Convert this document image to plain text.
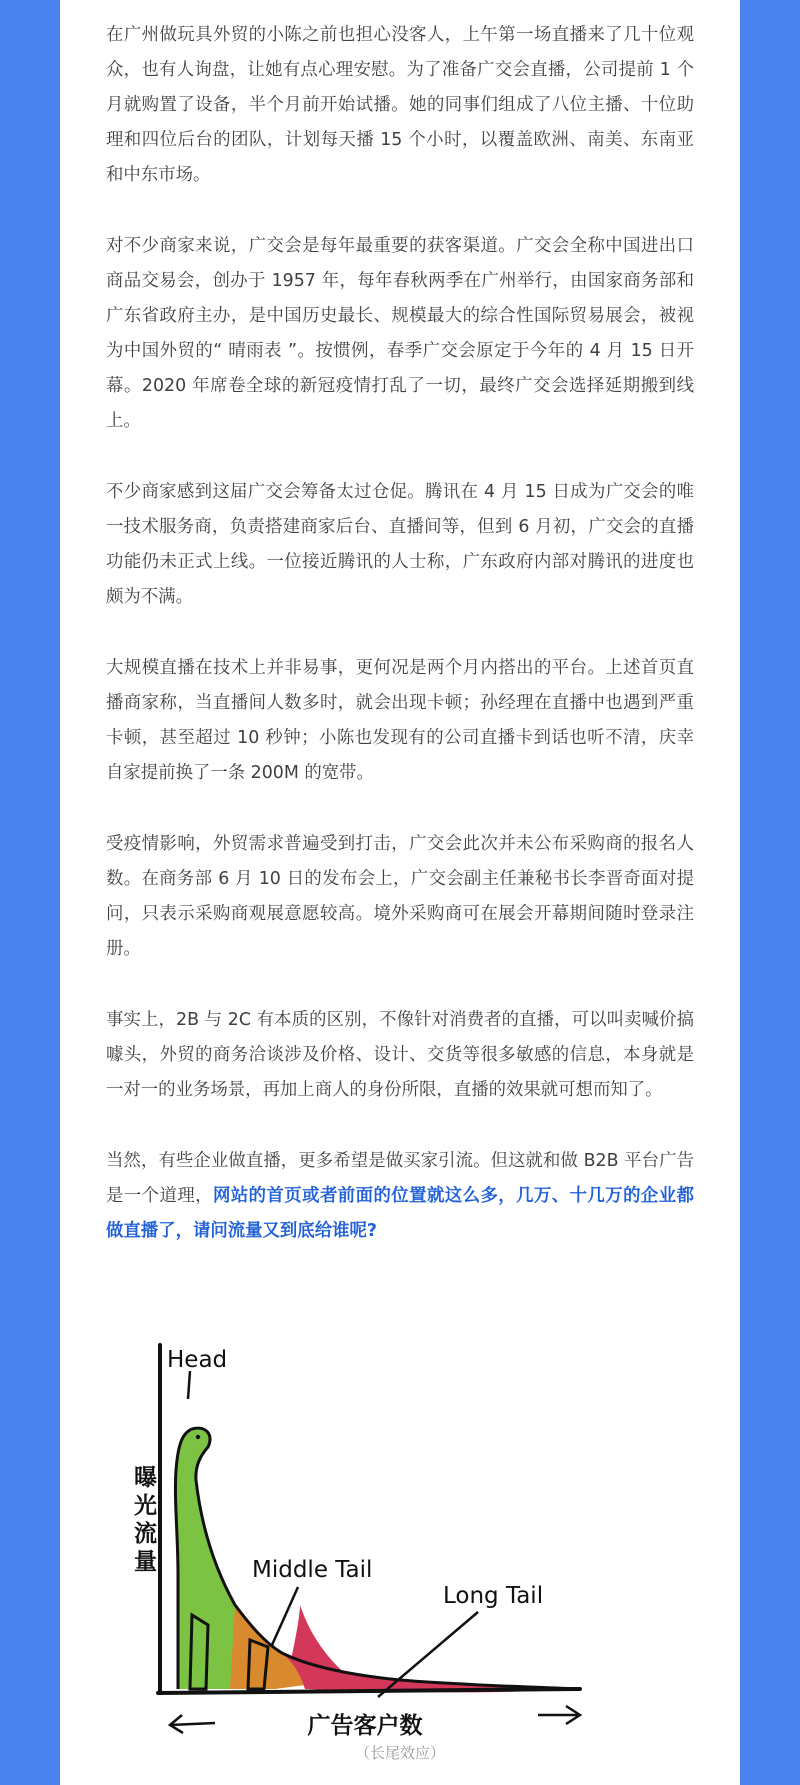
在广州做玩具外贸的小陈之前也担心没客人，上午第一场直播来了几十位观众，也有人询盘，让她有点心理安慰。为了准备广交会直播，公司提前 1 个月就购置了设备，半个月前开始试播。她的同事们组成了八位主播、十位助理和四位后台的团队，计划每天播 15 个小时，以覆盖欧洲、南美、东南亚和中东市场。

对不少商家来说，广交会是每年最重要的获客渠道。广交会全称中国进出口商品交易会，创办于 1957 年，每年春秋两季在广州举行，由国家商务部和广东省政府主办，是中国历史最长、规模最大的综合性国际贸易展会，被视为中国外贸的“ 晴雨表 ”。按惯例，春季广交会原定于今年的 4 月 15 日开幕。2020 年席卷全球的新冠疫情打乱了一切，最终广交会选择延期搬到线上。

不少商家感到这届广交会筹备太过仓促。腾讯在 4 月 15 日成为广交会的唯一技术服务商，负责搭建商家后台、直播间等，但到 6 月初，广交会的直播功能仍未正式上线。一位接近腾讯的人士称，广东政府内部对腾讯的进度也颇为不满。

大规模直播在技术上并非易事，更何况是两个月内搭出的平台。上述首页直播商家称，当直播间人数多时，就会出现卡顿；孙经理在直播中也遇到严重卡顿，甚至超过 10 秒钟；小陈也发现有的公司直播卡到话也听不清，庆幸自家提前换了一条 200M 的宽带。

受疫情影响，外贸需求普遍受到打击，广交会此次并未公布采购商的报名人数。在商务部 6 月 10 日的发布会上，广交会副主任兼秘书长李晋奇面对提问，只表示采购商观展意愿较高。境外采购商可在展会开幕期间随时登录注册。

事实上，2B 与 2C 有本质的区别，不像针对消费者的直播，可以叫卖喊价搞噱头，外贸的商务洽谈涉及价格、设计、交货等很多敏感的信息，本身就是一对一的业务场景，再加上商人的身份所限，直播的效果就可想而知了。

当然，有些企业做直播，更多希望是做买家引流。但这就和做 B2B 平台广告是一个道理，网站的首页或者前面的位置就这么多，几万、十几万的企业都做直播了，请问流量又到底给谁呢?

Head
Middle Tail
Long Tail
曝光流量
广告客户数
（长尾效应）
